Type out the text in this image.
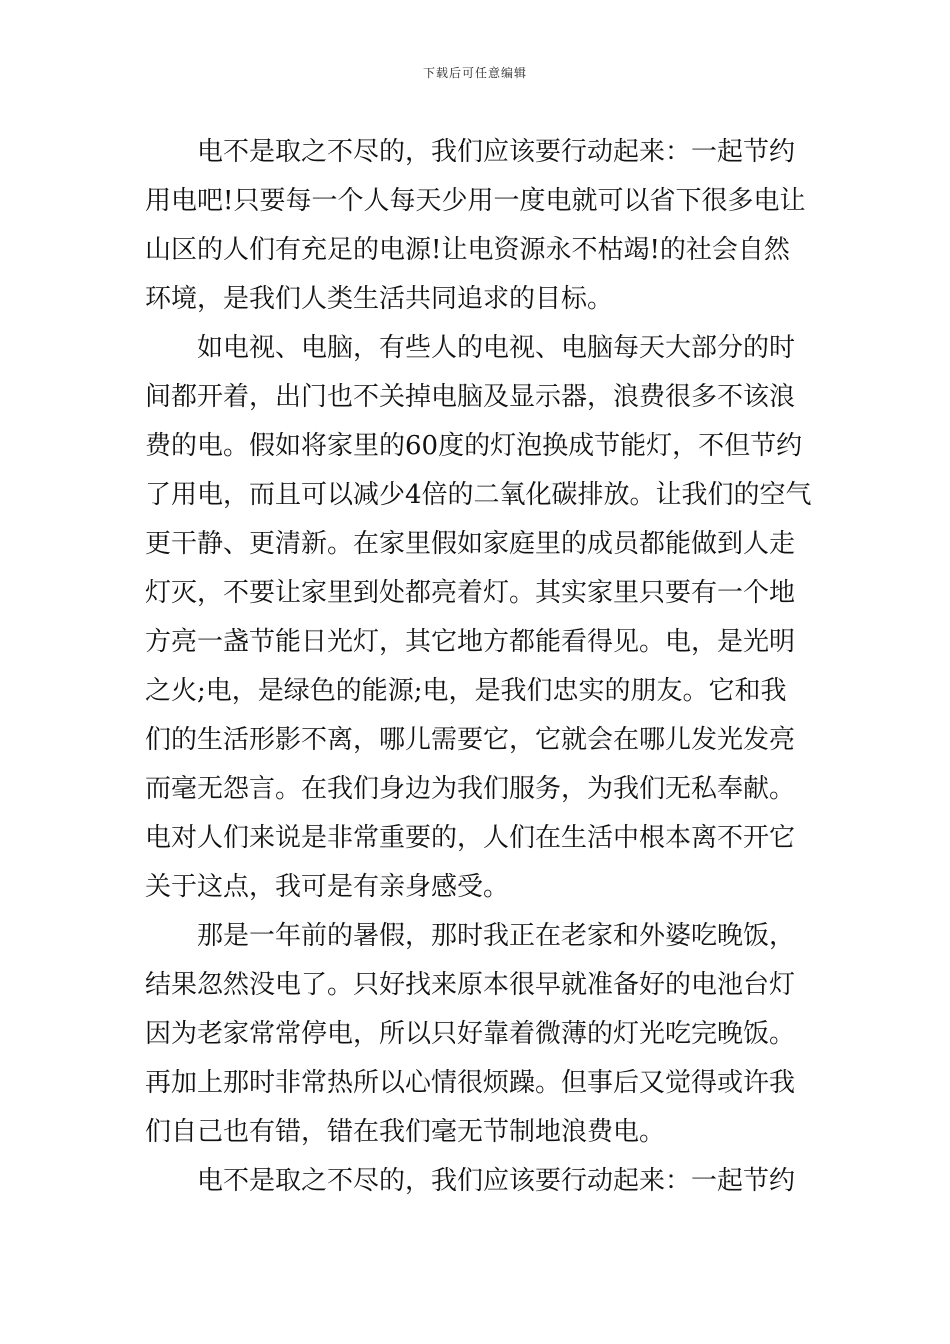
下载后可任意编辑
电不是取之不尽的，我们应该要行动起来：一起节约
用电吧!只要每一个人每天少用一度电就可以省下很多电让
山区的人们有充足的电源!让电资源永不枯竭!的社会自然
环境，是我们人类生活共同追求的目标。
如电视、电脑，有些人的电视、电脑每天大部分的时
间都开着，出门也不关掉电脑及显示器，浪费很多不该浪
费的电。假如将家里的60度的灯泡换成节能灯，不但节约
了用电，而且可以减少4倍的二氧化碳排放。让我们的空气
更干静、更清新。在家里假如家庭里的成员都能做到人走
灯灭，不要让家里到处都亮着灯。其实家里只要有一个地
方亮一盏节能日光灯，其它地方都能看得见。电，是光明
之火;电，是绿色的能源;电，是我们忠实的朋友。它和我
们的生活形影不离，哪儿需要它，它就会在哪儿发光发亮
而毫无怨言。在我们身边为我们服务，为我们无私奉献。
电对人们来说是非常重要的，人们在生活中根本离不开它
关于这点，我可是有亲身感受。
那是一年前的暑假，那时我正在老家和外婆吃晚饭，
结果忽然没电了。只好找来原本很早就准备好的电池台灯
因为老家常常停电，所以只好靠着微薄的灯光吃完晚饭。
再加上那时非常热所以心情很烦躁。但事后又觉得或许我
们自己也有错，错在我们毫无节制地浪费电。
电不是取之不尽的，我们应该要行动起来：一起节约
